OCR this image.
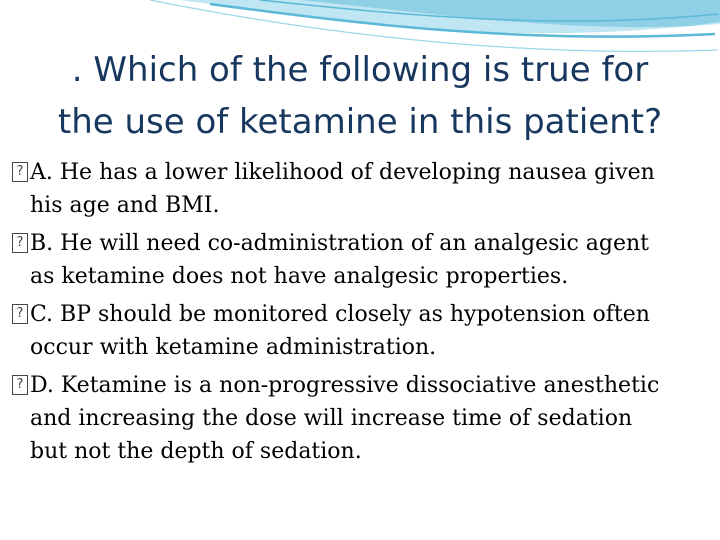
. Which of the following is true for
the use of ketamine in this patient?
?
A. He has a lower likelihood of developing nausea given
his age and BMI.
?
B. He will need co-administration of an analgesic agent
as ketamine does not have analgesic properties.
?
C. BP should be monitored closely as hypotension often
occur with ketamine administration.
?
D. Ketamine is a non-progressive dissociative anesthetic
and increasing the dose will increase time of sedation
but not the depth of sedation.
